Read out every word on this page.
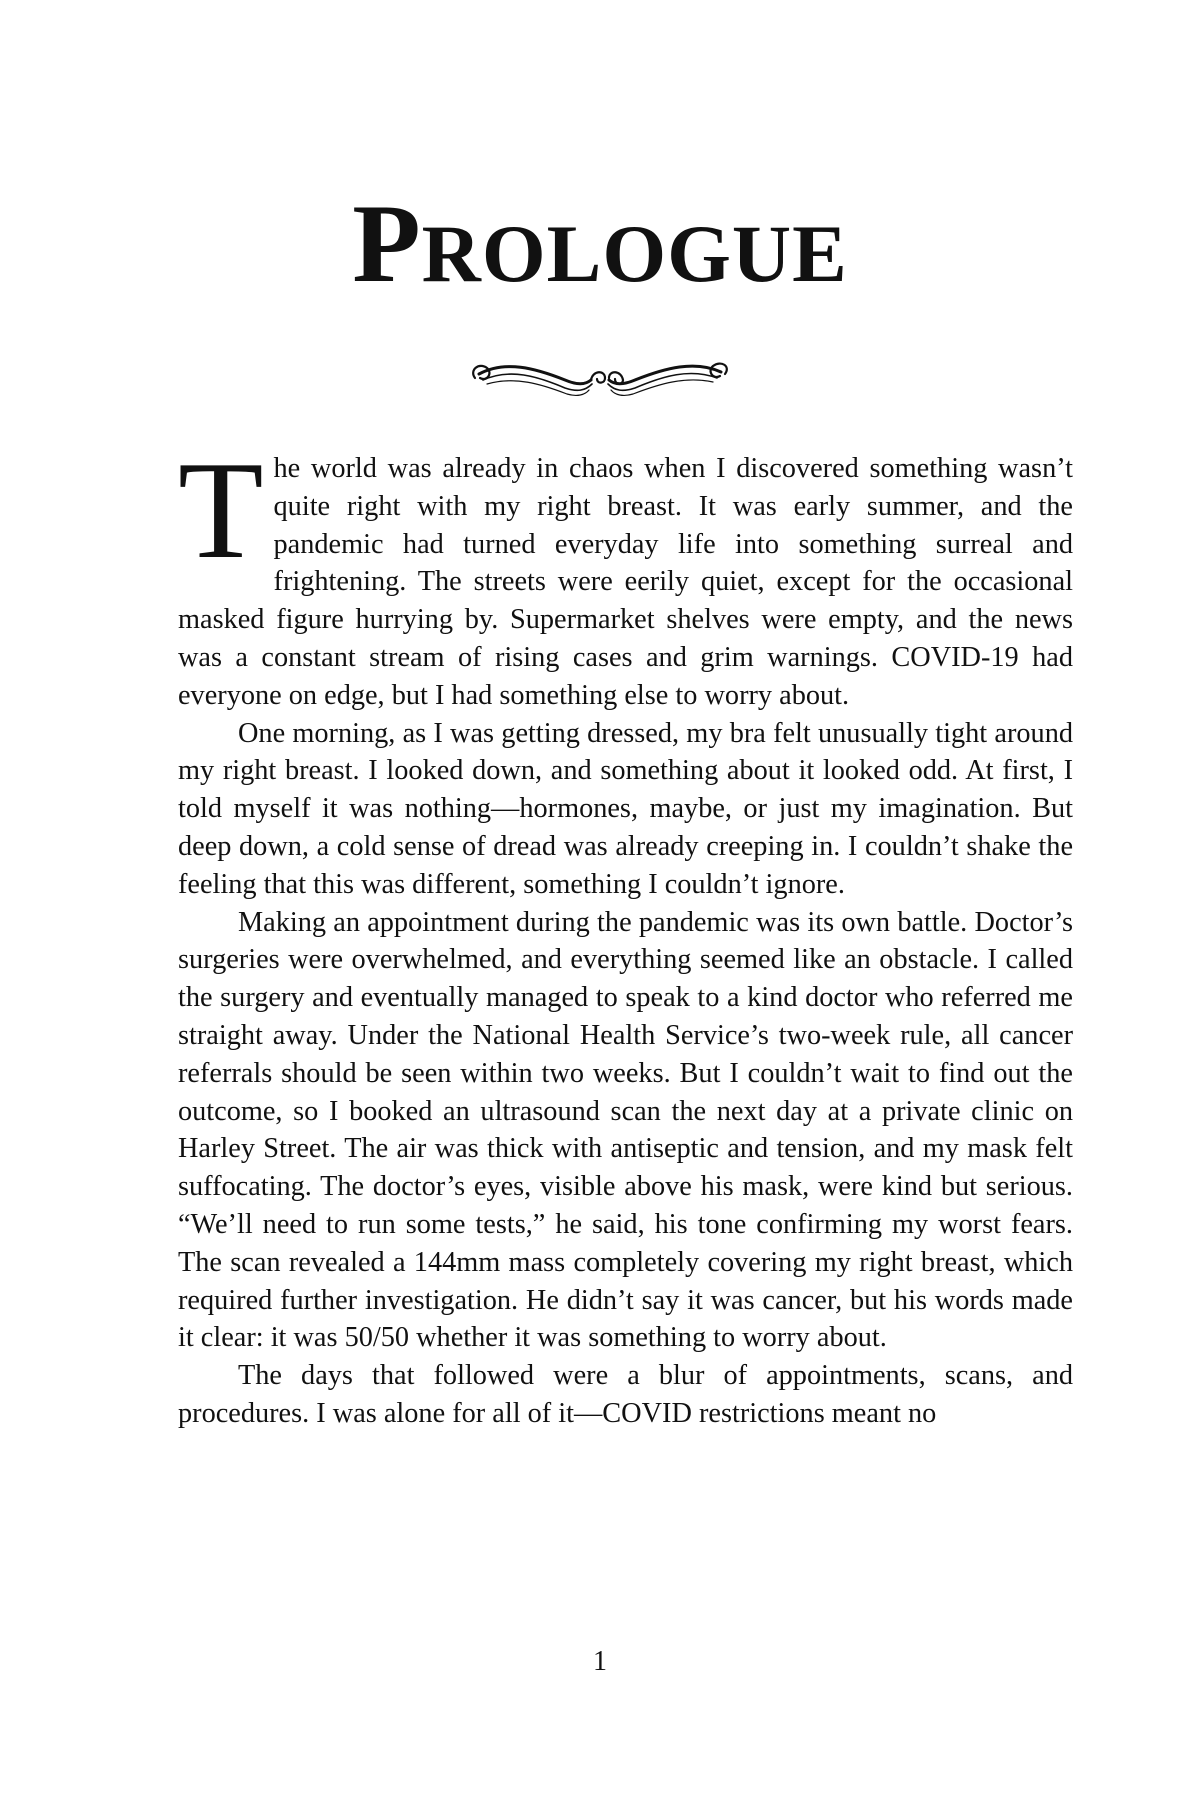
PROLOGUE

The world was already in chaos when I discovered something wasn’t quite right with my right breast. It was early summer, and the pandemic had turned everyday life into something surreal and frightening. The streets were eerily quiet, except for the occasional masked figure hurrying by. Supermarket shelves were empty, and the news was a constant stream of rising cases and grim warnings. COVID-19 had everyone on edge, but I had something else to worry about.

One morning, as I was getting dressed, my bra felt unusually tight around my right breast. I looked down, and something about it looked odd. At first, I told myself it was nothing—hormones, maybe, or just my imagination. But deep down, a cold sense of dread was already creeping in. I couldn’t shake the feeling that this was different, something I couldn’t ignore.

Making an appointment during the pandemic was its own battle. Doctor’s surgeries were overwhelmed, and everything seemed like an obstacle. I called the surgery and eventually managed to speak to a kind doctor who referred me straight away. Under the National Health Service’s two-week rule, all cancer referrals should be seen within two weeks. But I couldn’t wait to find out the outcome, so I booked an ultrasound scan the next day at a private clinic on Harley Street. The air was thick with antiseptic and tension, and my mask felt suffocating. The doctor’s eyes, visible above his mask, were kind but serious. “We’ll need to run some tests,” he said, his tone confirming my worst fears. The scan revealed a 144mm mass completely covering my right breast, which required further investigation. He didn’t say it was cancer, but his words made it clear: it was 50/50 whether it was something to worry about.

The days that followed were a blur of appointments, scans, and procedures. I was alone for all of it—COVID restrictions meant no

1
